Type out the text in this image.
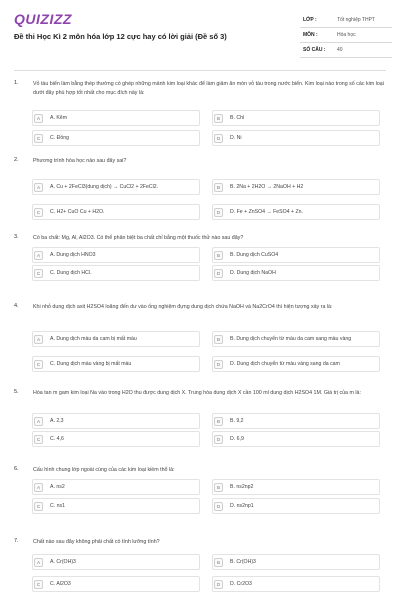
QUIZIZZ
Đề thi Học Kì 2 môn hóa lớp 12 cực hay có lời giải (Đề số 3)
LỚP :	Tốt nghiệp THPT
MÔN :	Hóa học
SỐ CÂU :	40
1.	Vỏ tàu biển làm bằng thép thường có ghép những mảnh kim loại khác để làm giảm ăn mòn vỏ tàu trong nước biển. Kim loại nào trong số các kim loại dưới đây phù hợp tốt nhất cho mục đích này là:
A	A. Kẽm	B	B. Chì
C	C. Đồng	D	D. Ni
2.	Phương trình hóa học nào sau đây sai?
A	A. Cu + 2FeCl3(dung dịch) → CuCl2 + 2FeCl2.	B	B. 2Na + 2H2O → 2NaOH + H2
C	C. H2+ CuO Cu + H2O.	D	D. Fe + ZnSO4 → FeSO4 + Zn.
3.	Có ba chất: Mg, Al, Al2O3. Có thể phân biệt ba chất chỉ bằng một thuốc thử nào sau đây?
A	A. Dung dịch HNO3	B	B. Dung dịch CuSO4
C	C. Dung dịch HCl.	D	D. Dung dịch NaOH
4.	Khi nhỏ dung dịch axit H2SO4 loãng đến dư vào ống nghiệm đựng dung dịch chứa NaOH và Na2CrO4 thì hiện tượng xảy ra là:
A	A. Dung dịch màu da cam bị mất màu	B	B. Dung dịch chuyển từ màu da cam sang màu vàng
C	C. Dung dịch màu vàng bị mất màu	D	D. Dung dịch chuyển từ màu vàng sang da cam
5.	Hòa tan m gam kim loại Na vào trong H2O thu được dung dịch X. Trung hòa dung dịch X cần 100 ml dung dịch H2SO4 1M. Giá trị của m là:
A	A. 2,3	B	B. 9,2
C	C. 4,6	D	D. 6,9
6.	Cấu hình chung lớp ngoài cùng của các kim loại kiềm thổ là:
A	A. ns2	B	B. ns2np2
C	C. ns1	D	D. ns2np1
7.	Chất nào sau đây không phải chất có tính lưỡng tính?
A	A. Cr(OH)3	B	B. Cr(OH)3
C	C. Al2O3	D	D. Cr2O3
